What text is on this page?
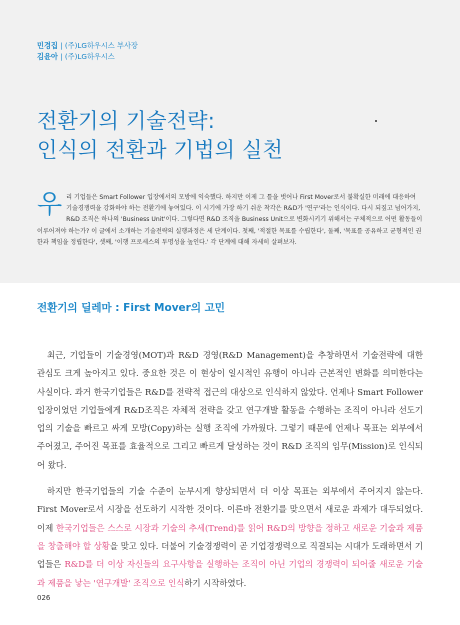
민경집 | (주)LG하우시스 부사장
김윤아 | (주)LG하우시스
전환기의 기술전략:
인식의 전환과 기법의 실천
우리 기업들은 Smart Follower 입장에서의 모방에 익숙했다. 하지만 이제 그 틀을 벗어나 First Mover로서 불확실한 미래에 대응하여 기술경쟁력을 강화하야 하는 전환기에 놓여있다. 이 시기에 가장 하기 쉬운 착각은 R&D가 '연구'라는 인식이다. 다시 되짚고 넘어가지, R&D 조직은 하나의 'Business Unit'이다. 그렇다면 R&D 조직을 Business Unit으로 변화시키기 위해서는 구체적으로 어떤 활동들이 이루어져야 하는가? 이 글에서 소개하는 기술전략의 실행과정은 세 단계이다. 첫째, '적절한 목표를 수립한다', 둘째, '목표를 공유하고 균형적인 권한과 책임을 정립한다', 셋째, '이행 프로세스의 투명성을 높인다.' 각 단계에 대해 자세히 살펴보자.
전환기의 딜레마 : First Mover의 고민

최근, 기업들이 기술경영(MOT)과 R&D 경영(R&D Management)을 추창하면서 기술전략에 대한 관심도 크게 높아지고 있다. 중요한 것은 이 현상이 일시적인 유행이 아니라 근본적인 변화를 의미한다는 사실이다. 과거 한국기업들은 R&D를 전략적 접근의 대상으로 인식하지 않았다. 언제나 Smart Follower 입장이었던 기업들에게 R&D조직은 자체적 전략을 갖고 연구개발 활동을 수행하는 조직이 아니라 선도기업의 기술을 빠르고 싸게 모방(Copy)하는 실행 조직에 가까웠다. 그렇기 때문에 언제나 목표는 외부에서 주어졌고, 주어진 목표를 효율적으로 그리고 빠르게 달성하는 것이 R&D 조직의 임무(Mission)로 인식되어 왔다.

하지만 한국기업들의 기술 수준이 눈부시게 향상되면서 더 이상 목표는 외부에서 주어지지 않는다. First Mover로서 시장을 선도하기 시작한 것이다. 이른바 전환기를 맞으면서 새로운 과제가 대두되었다. 이제 한국기업들은 스스로 시장과 기술의 추세(Trend)를 읽어 R&D의 방향을 정하고 새로운 기술과 제품을 창출해야 할 상황을 맞고 있다. 더불어 기술경쟁력이 곧 기업경쟁력으로 직결되는 시대가 도래하면서 기업들은 R&D를 더 이상 자신들의 요구사항을 실행하는 조직이 아닌 기업의 경쟁력이 되어줄 새로운 기술과 제품을 낳는 '연구개발' 조직으로 인식하기 시작하였다.

026
